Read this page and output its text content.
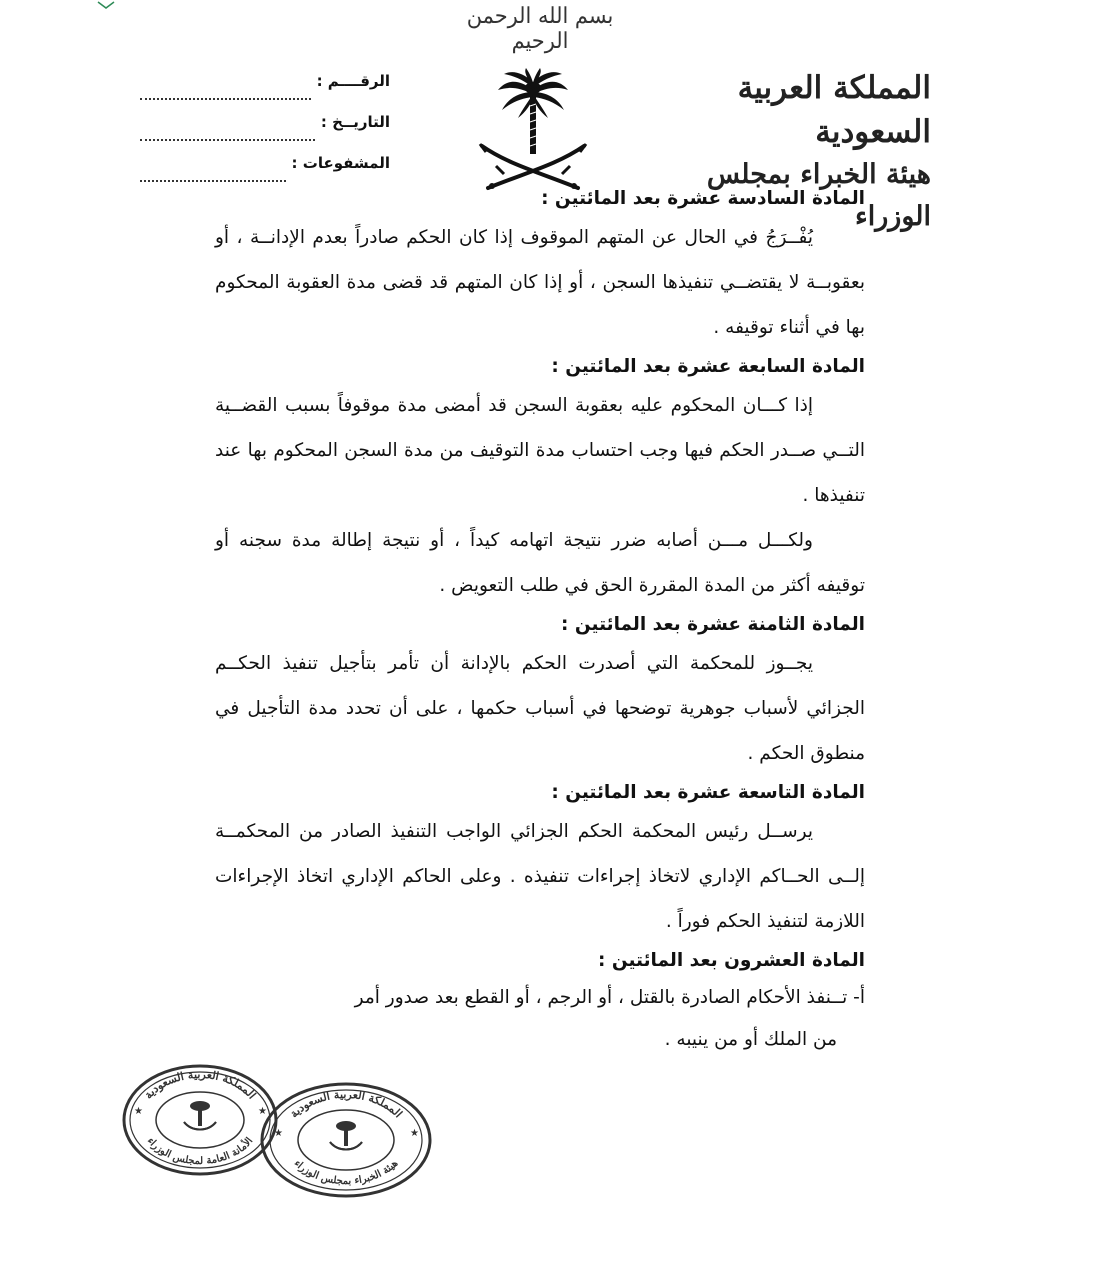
بسم الله الرحمن الرحيم
المملكة العربية السعودية
هيئة الخبراء بمجلس الوزراء
الرقــــم :
التاريــخ :
المشفوعات :

المادة السادسة عشرة بعد المائتين :

يُفْــرَجُ في الحال عن المتهم الموقوف إذا كان الحكم صادراً بعدم الإدانــة ، أو بعقوبــة لا يقتضــي تنفيذها السجن ، أو إذا كان المتهم قد قضى مدة العقوبة المحكوم بها في أثناء توقيفه .

المادة السابعة عشرة بعد المائتين :

إذا كـــان المحكوم عليه بعقوبة السجن قد أمضى مدة موقوفاً بسبب القضــية التــي صــدر الحكم فيها وجب احتساب مدة التوقيف من مدة السجن المحكوم بها عند تنفيذها .

ولكـــل مـــن أصابه ضرر نتيجة اتهامه كيداً ، أو نتيجة إطالة مدة سجنه أو توقيفه أكثر من المدة المقررة الحق في طلب التعويض .

المادة الثامنة عشرة بعد المائتين :

يجــوز للمحكمة التي أصدرت الحكم بالإدانة أن تأمر بتأجيل تنفيذ الحكــم الجزائي لأسباب جوهرية توضحها في أسباب حكمها ، على أن تحدد مدة التأجيل في منطوق الحكم .

المادة التاسعة عشرة بعد المائتين :

يرســل رئيس المحكمة الحكم الجزائي الواجب التنفيذ الصادر من المحكمــة إلــى الحــاكم الإداري لاتخاذ إجراءات تنفيذه . وعلى الحاكم الإداري اتخاذ الإجراءات اللازمة لتنفيذ الحكم فوراً .

المادة العشرون بعد المائتين :

أ- تــنفذ الأحكام الصادرة بالقتل ، أو الرجم ، أو القطع بعد صدور أمر

من الملك أو من ينيبه .

المملكة العربية السعودية
الأمانة العامة لمجلس الوزراء
★	★ المملكة العربية السعودية
هيئة الخبراء بمجلس الوزراء
★	★
